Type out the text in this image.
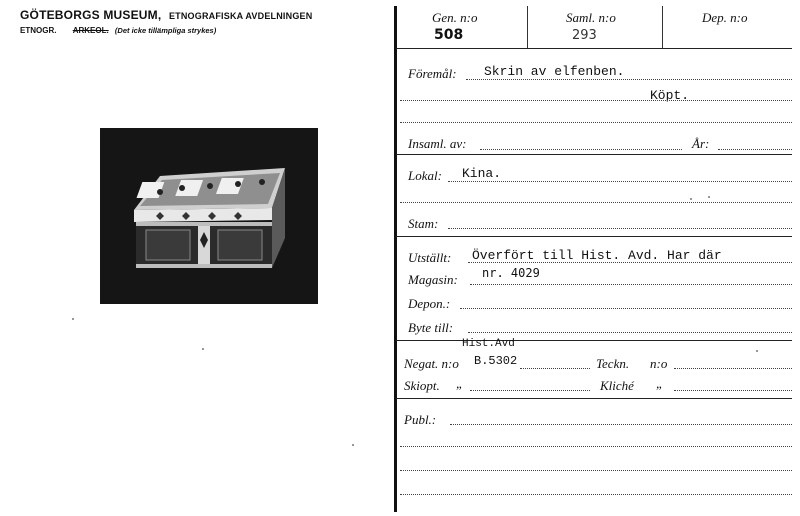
GÖTEBORGS MUSEUM, ETNOGRAFISKA AVDELNINGEN
ETNOGR. ARKEOL. (Det icke tillämpliga strykes)
Gen. n:o
508
Saml. n:o
293
Dep. n:o
Föremål: Skrin av elfenben.
Köpt.
Insaml. av:	År:
Lokal: Kina.
Stam:
Utställt: Överfört till Hist. Avd. Har där
Magasin: nr. 4029
Depon.:
Byte till:
Hist.Avd
Negat. n:o B.5302	Teckn. n:o
Skiopt. „	Kliché „
Publ.:
